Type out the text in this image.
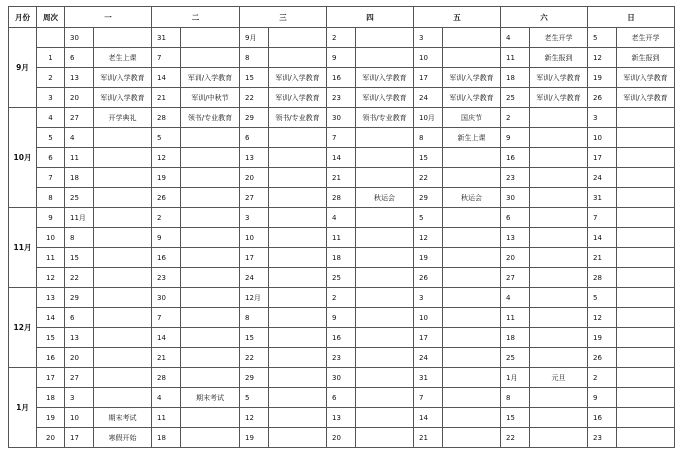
月份	周次	一		二		三		四		五		六		日	
9月		30		31		9月		2		3		4	老生开学	5	老生开学
	1	6	老生上课	7		8		9		10		11	新生报到	12	新生报到
	2	13	军训/入学教育	14	军训/入学教育	15	军训/入学教育	16	军训/入学教育	17	军训/入学教育	18	军训/入学教育	19	军训/入学教育
	3	20	军训/入学教育	21	军训/中秋节	22	军训/入学教育	23	军训/入学教育	24	军训/入学教育	25	军训/入学教育	26	军训/入学教育
10月	4	27	开学典礼	28	领书/专业教育	29	领书/专业教育	30	领书/专业教育	10月	国庆节	2		3	
	5	4		5		6		7		8	新生上课	9		10	
	6	11		12		13		14		15		16		17	
	7	18		19		20		21		22		23		24	
	8	25		26		27		28	秋运会	29	秋运会	30		31	
11月	9	11月		2		3		4		5		6		7	
	10	8		9		10		11		12		13		14	
	11	15		16		17		18		19		20		21	
	12	22		23		24		25		26		27		28	
12月	13	29		30		12月		2		3		4		5	
	14	6		7		8		9		10		11		12	
	15	13		14		15		16		17		18		19	
	16	20		21		22		23		24		25		26	
1月	17	27		28		29		30		31		1月	元旦	2	
	18	3		4	期末考试	5		6		7		8		9	
	19	10	期末考试	11		12		13		14		15		16	
	20	17	寒假开始	18		19		20		21		22		23	
